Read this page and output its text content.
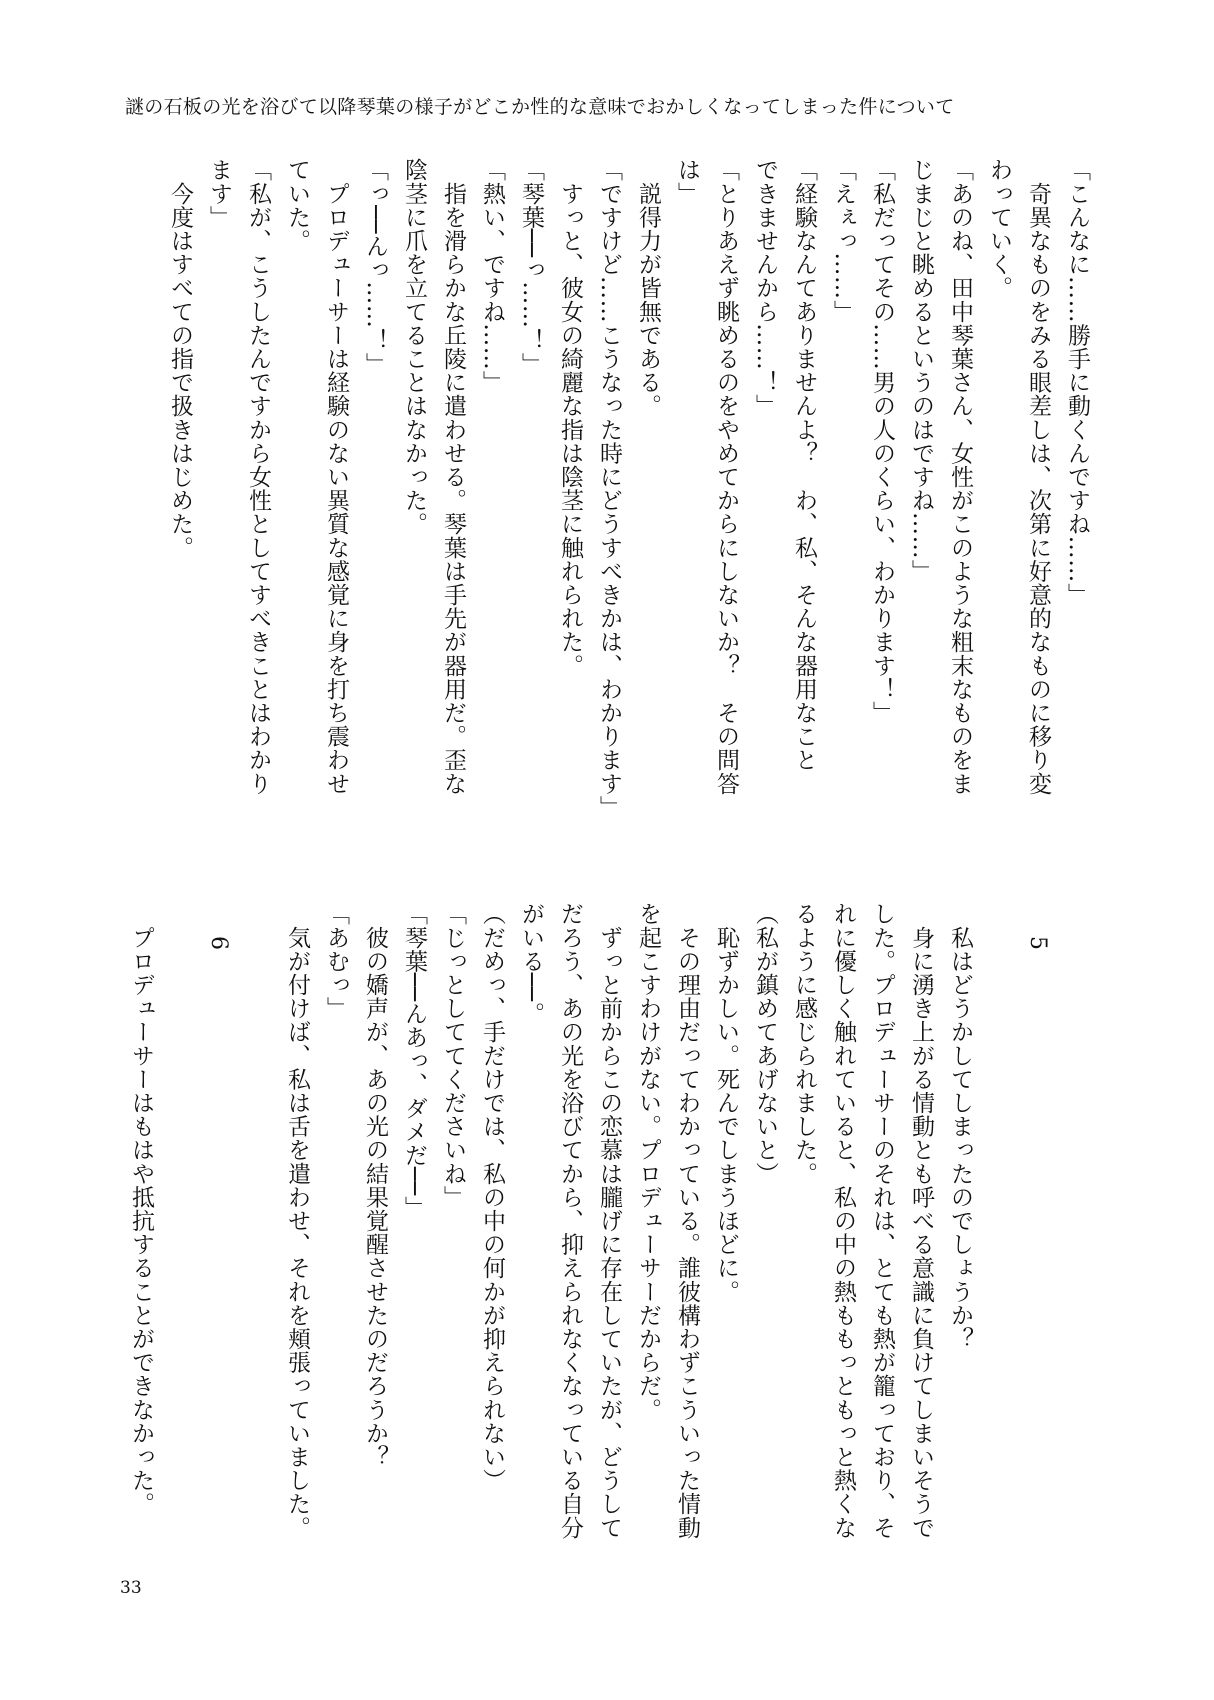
謎の石板の光を浴びて以降琴葉の様子がどこか性的な意味でおかしくなってしまった件について
「こんなに……勝手に動くんですね……」
　奇異なものをみる眼差しは、次第に好意的なものに移り変
わっていく。
「あのね、田中琴葉さん、女性がこのような粗末なものをま
じまじと眺めるというのはですね……」
「私だってその……男の人のくらい、わかります！」
「えぇっ……」
「経験なんてありませんよ？　わ、私、そんな器用なこと
できませんから……！」
「とりあえず眺めるのをやめてからにしないか？　その問答
は」
　説得力が皆無である。
「ですけど……こうなった時にどうすべきかは、わかります」
　すっと、彼女の綺麗な指は陰茎に触れられた。
「琴葉──っ……！」
「熱い、ですね……」
　指を滑らかな丘陵に遣わせる。琴葉は手先が器用だ。歪な
陰茎に爪を立てることはなかった。
「っ──んっ……！」
　プロデューサーは経験のない異質な感覚に身を打ち震わせ
ていた。
「私が、こうしたんですから女性としてすべきことはわかり
ます」
　今度はすべての指で扱きはじめた。
5
　私はどうかしてしまったのでしょうか？
　身に湧き上がる情動とも呼べる意識に負けてしまいそうで
した。プロデューサーのそれは、とても熱が籠っており、そ
れに優しく触れていると、私の中の熱ももっともっと熱くな
るように感じられました。
（私が鎮めてあげないと）
　恥ずかしい。死んでしまうほどに。
　その理由だってわかっている。誰彼構わずこういった情動
を起こすわけがない。プロデューサーだからだ。
　ずっと前からこの恋慕は朧げに存在していたが、どうして
だろう、あの光を浴びてから、抑えられなくなっている自分
がいる──。
（だめっ、手だけでは、私の中の何かが抑えられない）
「じっとしててくださいね」
「琴葉──んあっ、ダメだ──」
　彼の嬌声が、あの光の結果覚醒させたのだろうか？
「あむっ」
　気が付けば、私は舌を遣わせ、それを頬張っていました。
6
　プロデューサーはもはや抵抗することができなかった。
33
